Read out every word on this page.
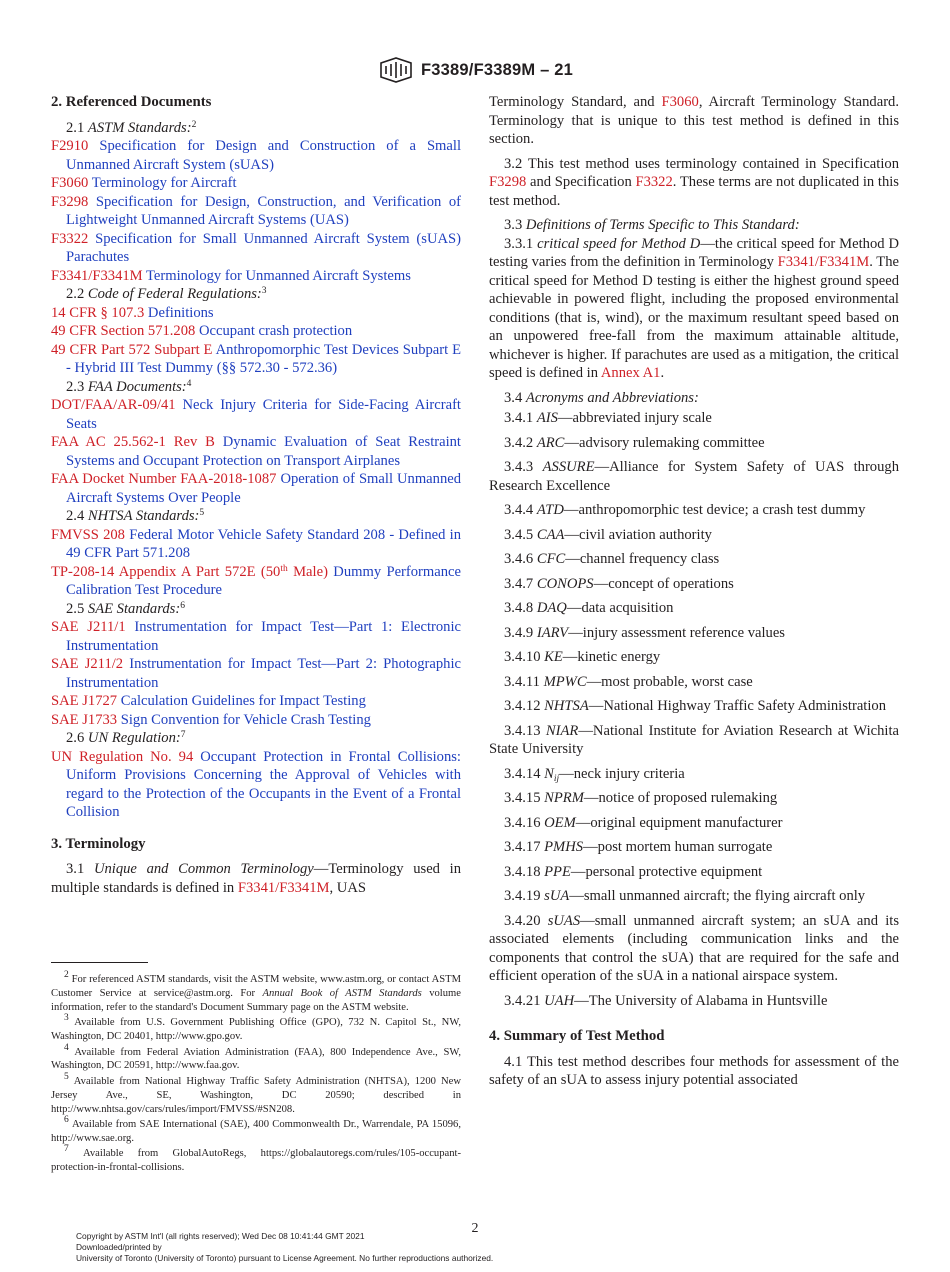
F3389/F3389M – 21

2. Referenced Documents

2.1 ASTM Standards:$^2$

F2910 Specification for Design and Construction of a Small Unmanned Aircraft System (sUAS)

F3060 Terminology for Aircraft

F3298 Specification for Design, Construction, and Verification of Lightweight Unmanned Aircraft Systems (UAS)

F3322 Specification for Small Unmanned Aircraft System (sUAS) Parachutes

F3341/F3341M Terminology for Unmanned Aircraft Systems

2.2 Code of Federal Regulations:$^3$

14 CFR § 107.3 Definitions

49 CFR Section 571.208 Occupant crash protection

49 CFR Part 572 Subpart E Anthropomorphic Test Devices Subpart E - Hybrid III Test Dummy (§§ 572.30 - 572.36)

2.3 FAA Documents:$^4$

DOT/FAA/AR-09/41 Neck Injury Criteria for Side-Facing Aircraft Seats

FAA AC 25.562-1 Rev B Dynamic Evaluation of Seat Restraint Systems and Occupant Protection on Transport Airplanes

FAA Docket Number FAA-2018-1087 Operation of Small Unmanned Aircraft Systems Over People

2.4 NHTSA Standards:$^5$

FMVSS 208 Federal Motor Vehicle Safety Standard 208 - Defined in 49 CFR Part 571.208

TP-208-14 Appendix A Part 572E (50th Male) Dummy Performance Calibration Test Procedure

2.5 SAE Standards:$^6$

SAE J211/1 Instrumentation for Impact Test—Part 1: Electronic Instrumentation

SAE J211/2 Instrumentation for Impact Test—Part 2: Photographic Instrumentation

SAE J1727 Calculation Guidelines for Impact Testing

SAE J1733 Sign Convention for Vehicle Crash Testing

2.6 UN Regulation:$^7$

UN Regulation No. 94 Occupant Protection in Frontal Collisions: Uniform Provisions Concerning the Approval of Vehicles with regard to the Protection of the Occupants in the Event of a Frontal Collision

3. Terminology

3.1 Unique and Common Terminology—Terminology used in multiple standards is defined in F3341/F3341M, UAS

$^2$ For referenced ASTM standards, visit the ASTM website, www.astm.org, or contact ASTM Customer Service at service@astm.org. For Annual Book of ASTM Standards volume information, refer to the standard's Document Summary page on the ASTM website.

$^3$ Available from U.S. Government Publishing Office (GPO), 732 N. Capitol St., NW, Washington, DC 20401, http://www.gpo.gov.

$^4$ Available from Federal Aviation Administration (FAA), 800 Independence Ave., SW, Washington, DC 20591, http://www.faa.gov.

$^5$ Available from National Highway Traffic Safety Administration (NHTSA), 1200 New Jersey Ave., SE, Washington, DC 20590; described in http://www.nhtsa.gov/cars/rules/import/FMVSS/#SN208.

$^6$ Available from SAE International (SAE), 400 Commonwealth Dr., Warrendale, PA 15096, http://www.sae.org.

$^7$ Available from GlobalAutoRegs, https://globalautoregs.com/rules/105-occupant-protection-in-frontal-collisions.

Terminology Standard, and F3060, Aircraft Terminology Standard. Terminology that is unique to this test method is defined in this section.

3.2 This test method uses terminology contained in Specification F3298 and Specification F3322. These terms are not duplicated in this test method.

3.3 Definitions of Terms Specific to This Standard:

3.3.1 critical speed for Method D—the critical speed for Method D testing varies from the definition in Terminology F3341/F3341M. The critical speed for Method D testing is either the highest ground speed achievable in powered flight, including the proposed environmental conditions (that is, wind), or the maximum resultant speed based on an unpowered free-fall from the maximum attainable altitude, whichever is higher. If parachutes are used as a mitigation, the critical speed is defined in Annex A1.

3.4 Acronyms and Abbreviations:

3.4.1 AIS—abbreviated injury scale

3.4.2 ARC—advisory rulemaking committee

3.4.3 ASSURE—Alliance for System Safety of UAS through Research Excellence

3.4.4 ATD—anthropomorphic test device; a crash test dummy

3.4.5 CAA—civil aviation authority

3.4.6 CFC—channel frequency class

3.4.7 CONOPS—concept of operations

3.4.8 DAQ—data acquisition

3.4.9 IARV—injury assessment reference values

3.4.10 KE—kinetic energy

3.4.11 MPWC—most probable, worst case

3.4.12 NHTSA—National Highway Traffic Safety Administration

3.4.13 NIAR—National Institute for Aviation Research at Wichita State University

3.4.14 $N_{ij}—neck$ injury criteria

3.4.15 NPRM—notice of proposed rulemaking

3.4.16 OEM—original equipment manufacturer

3.4.17 PMHS—post mortem human surrogate

3.4.18 PPE—personal protective equipment

3.4.19 sUA—small unmanned aircraft; the flying aircraft only

3.4.20 sUAS—small unmanned aircraft system; an sUA and its associated elements (including communication links and the components that control the sUA) that are required for the safe and efficient operation of the sUA in a national airspace system.

3.4.21 UAH—The University of Alabama in Huntsville

4. Summary of Test Method

4.1 This test method describes four methods for assessment of the safety of an sUA to assess injury potential associated

2
Copyright by ASTM Int'l (all rights reserved); Wed Dec 08 10:41:44 GMT 2021
Downloaded/printed by
University of Toronto (University of Toronto) pursuant to License Agreement. No further reproductions authorized.
